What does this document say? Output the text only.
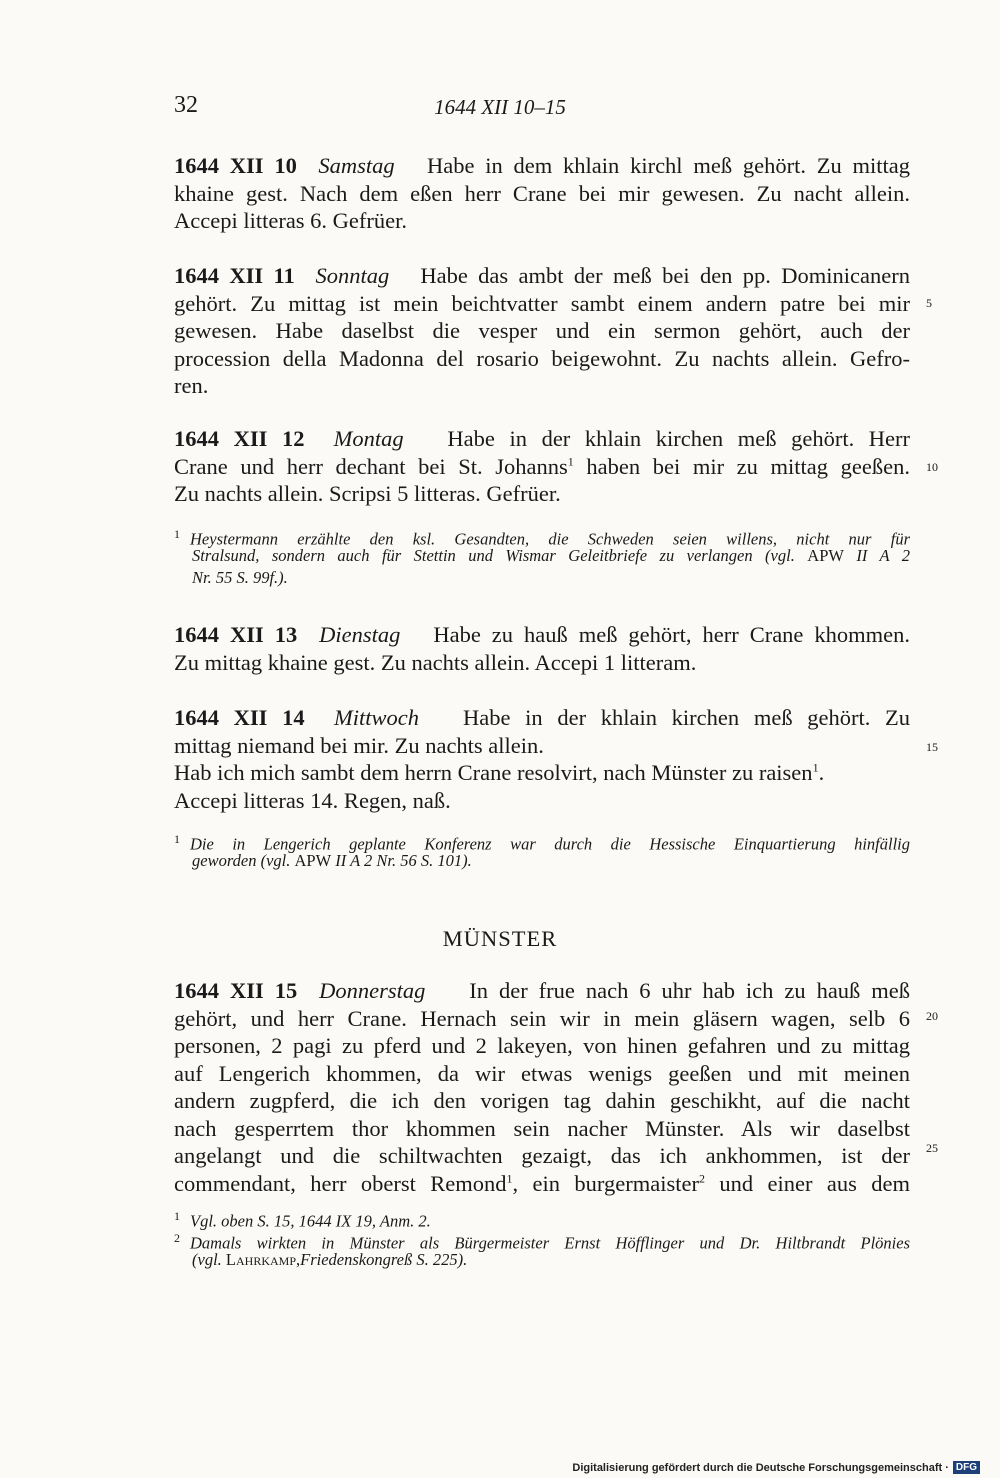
32	1644 XII 10–15
1644 XII 10 Samstag Habe in dem khlain kirchl meß gehört. Zu mittag
khaine gest. Nach dem eßen herr Crane bei mir gewesen. Zu nacht allein.
Accepi litteras 6. Gefrüer.
1644 XII 11 Sonntag Habe das ambt der meß bei den pp. Dominicanern
gehört. Zu mittag ist mein beichtvatter sambt einem andern patre bei mir
gewesen. Habe daselbst die vesper und ein sermon gehört, auch der
procession della Madonna del rosario beigewohnt. Zu nachts allein. Gefro-
ren.
5
1644 XII 12 Montag Habe in der khlain kirchen meß gehört. Herr
Crane und herr dechant bei St. Johanns$^1$ haben bei mir zu mittag geeßen.
Zu nachts allein. Scripsi 5 litteras. Gefrüer.
10
$^1$ Heystermann erzählte den ksl. Gesandten, die Schweden seien willens, nicht nur für
Stralsund, sondern auch für Stettin und Wismar Geleitbriefe zu verlangen (vgl. APW II A 2
Nr. 55 S. 99f.).
1644 XII 13 Dienstag Habe zu hauß meß gehört, herr Crane khommen.
Zu mittag khaine gest. Zu nachts allein. Accepi 1 litteram.
1644 XII 14 Mittwoch Habe in der khlain kirchen meß gehört. Zu
mittag niemand bei mir. Zu nachts allein.
Hab ich mich sambt dem herrn Crane resolvirt, nach Münster zu raisen$^1$.
Accepi litteras 14. Regen, naß.
15
$^1$ Die in Lengerich geplante Konferenz war durch die Hessische Einquartierung hinfällig
geworden (vgl. APW II A 2 Nr. 56 S. 101).
MÜNSTER
1644 XII 15 Donnerstag In der frue nach 6 uhr hab ich zu hauß meß
gehört, und herr Crane. Hernach sein wir in mein gläsern wagen, selb 6
personen, 2 pagi zu pferd und 2 lakeyen, von hinen gefahren und zu mittag
auf Lengerich khommen, da wir etwas wenigs geeßen und mit meinen
andern zugpferd, die ich den vorigen tag dahin geschikht, auf die nacht
nach gesperrtem thor khommen sein nacher Münster. Als wir daselbst
angelangt und die schiltwachten gezaigt, das ich ankhommen, ist der
commendant, herr oberst Remond$^1$, ein burgermaister$^2$ und einer aus dem
20
25
$^1$ Vgl. oben S. 15, 1644 IX 19, Anm. 2.
$^2$ Damals wirkten in Münster als Bürgermeister Ernst Höfflinger und Dr. Hiltbrandt Plönies
(vgl. Lahrkamp,Friedenskongreß S. 225).
Digitalisierung gefördert durch die Deutsche Forschungsgemeinschaft · DFG
